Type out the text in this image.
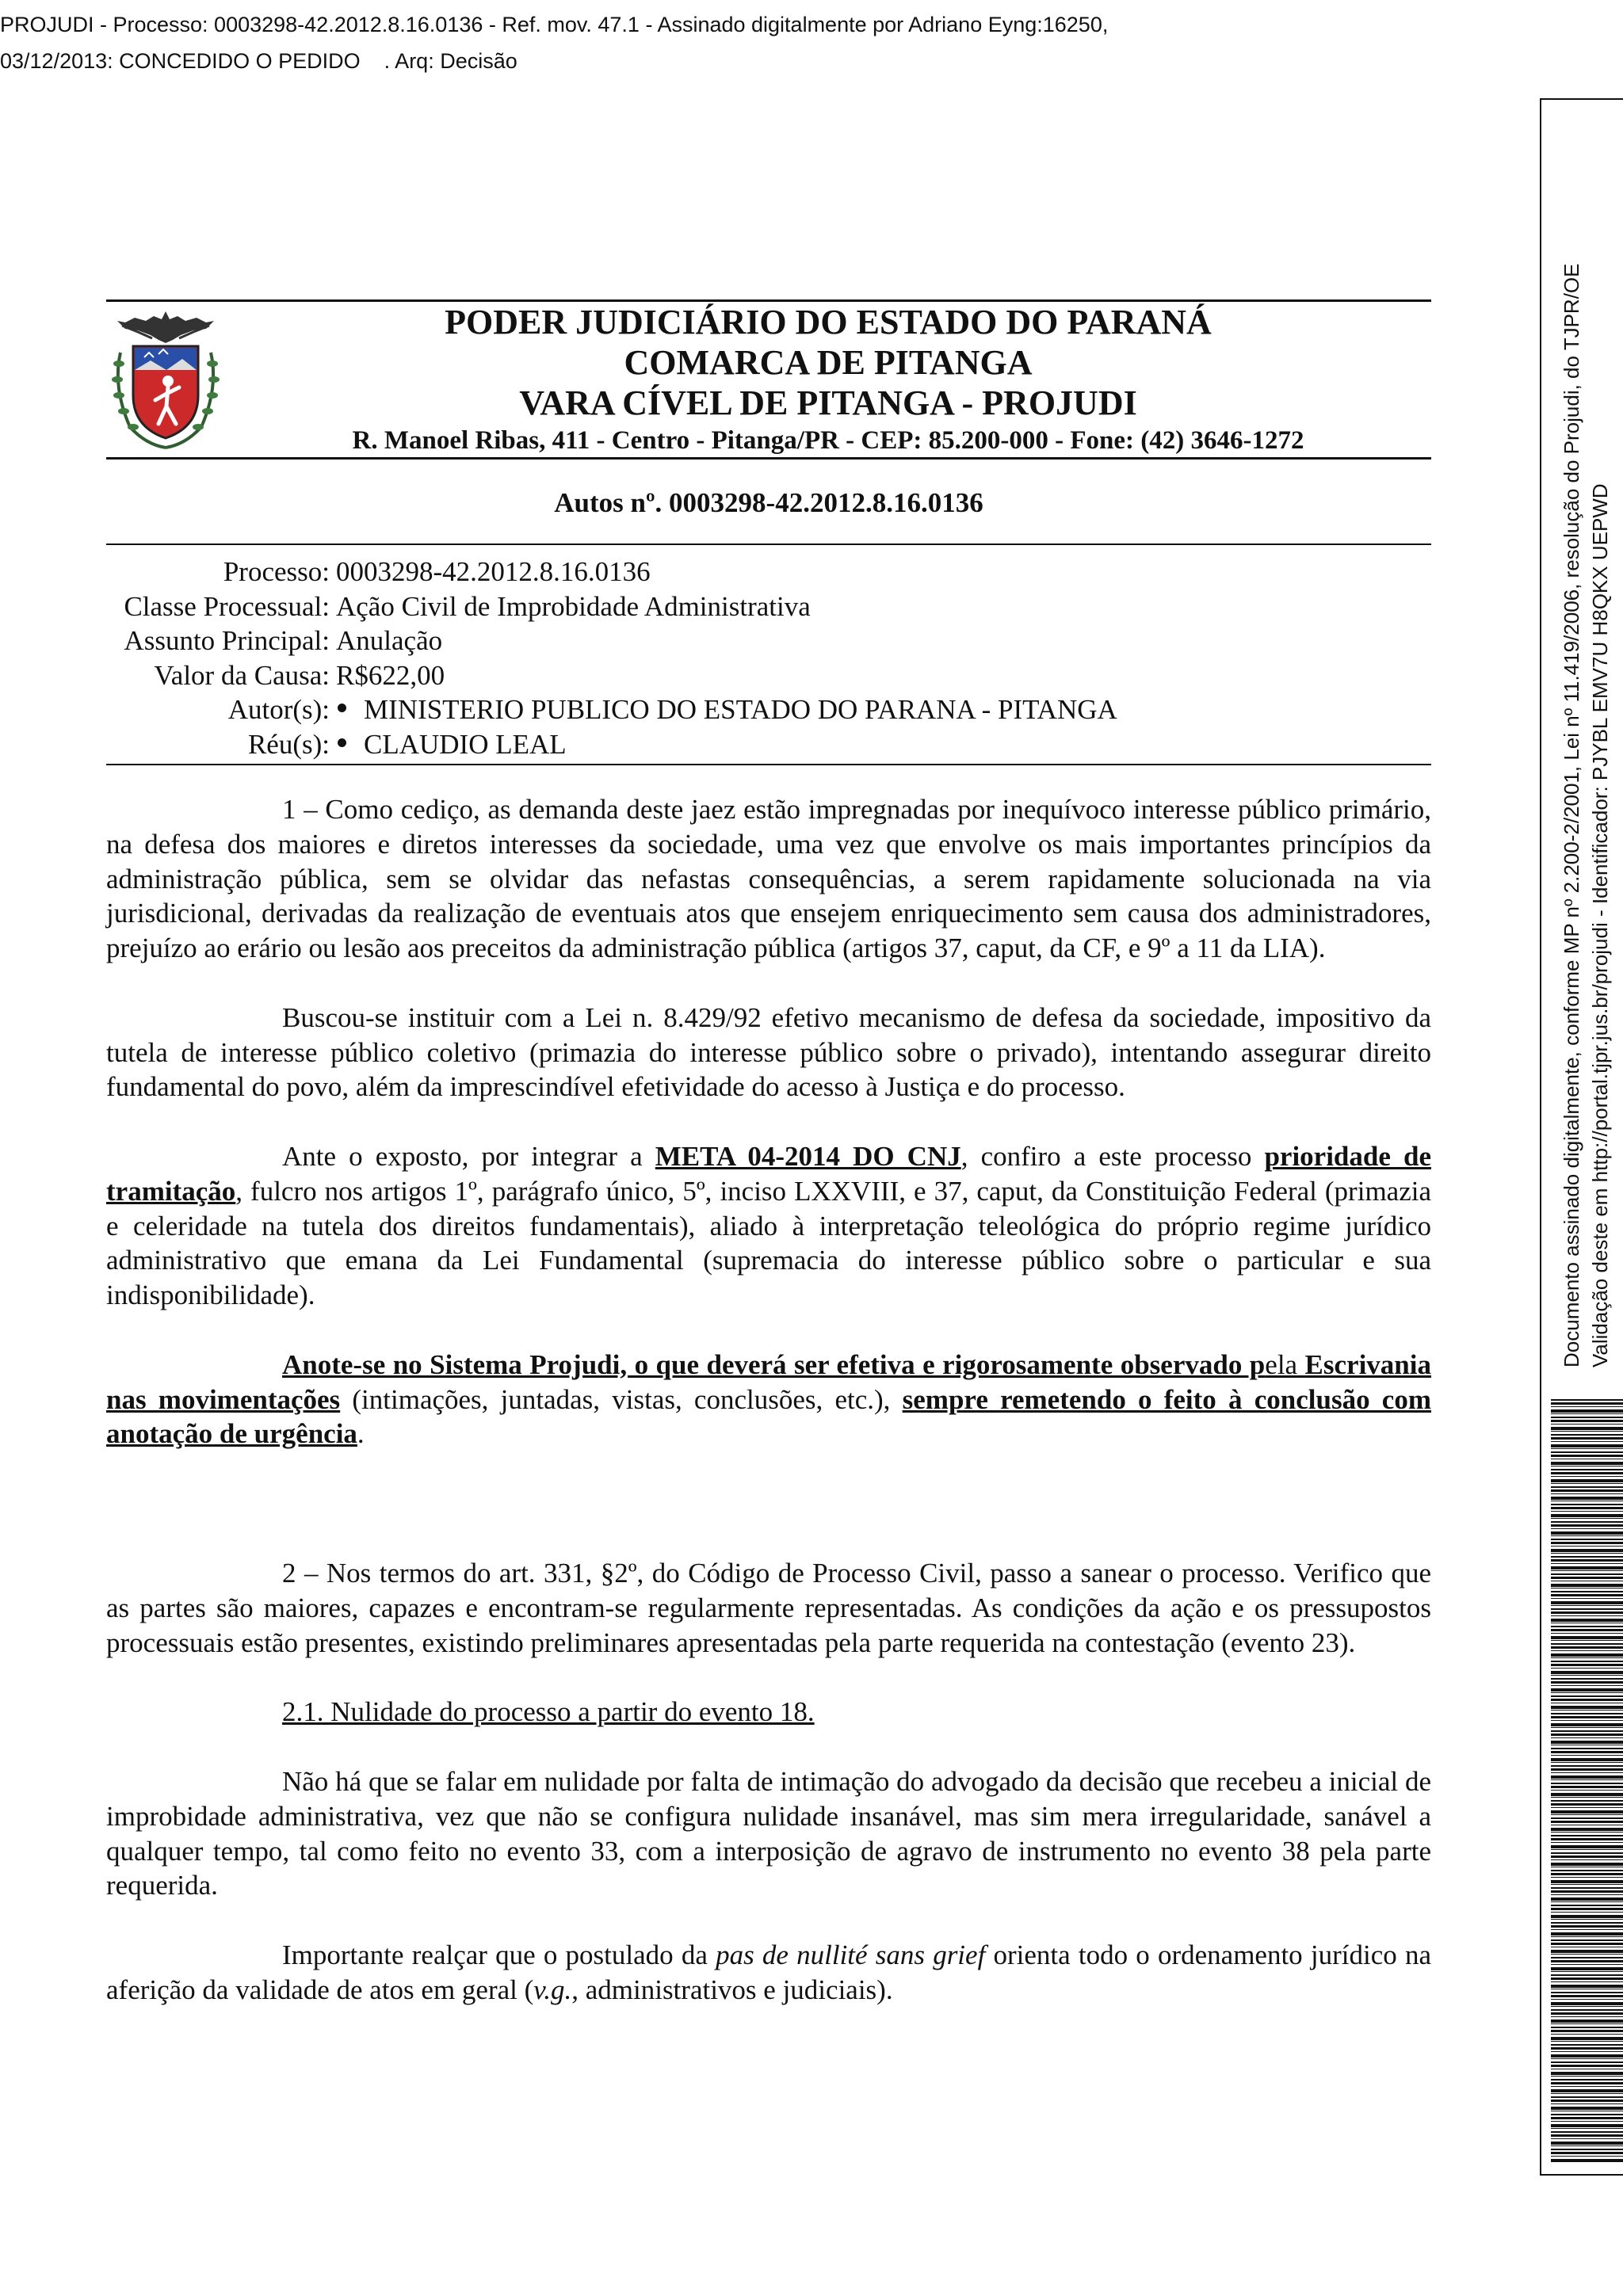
PROJUDI - Processo: 0003298-42.2012.8.16.0136 - Ref. mov. 47.1 - Assinado digitalmente por Adriano Eyng:16250,
03/12/2013: CONCEDIDO O PEDIDO    . Arq: Decisão
PODER JUDICIÁRIO DO ESTADO DO PARANÁ
COMARCA DE PITANGA
VARA CÍVEL DE PITANGA - PROJUDI
R. Manoel Ribas, 411 - Centro - Pitanga/PR - CEP: 85.200-000 - Fone: (42) 3646-1272
Autos nº. 0003298-42.2012.8.16.0136
Processo: 0003298-42.2012.8.16.0136
Classe Processual: Ação Civil de Improbidade Administrativa
Assunto Principal: Anulação
Valor da Causa: R$622,00
Autor(s):	MINISTERIO PUBLICO DO ESTADO DO PARANA - PITANGA
Réu(s):	CLAUDIO LEAL

1 – Como cediço, as demanda deste jaez estão impregnadas por inequívoco interesse público primário, na defesa dos maiores e diretos interesses da sociedade, uma vez que envolve os mais importantes princípios da administração pública, sem se olvidar das nefastas consequências, a serem rapidamente solucionada na via jurisdicional, derivadas da realização de eventuais atos que ensejem enriquecimento sem causa dos administradores, prejuízo ao erário ou lesão aos preceitos da administração pública (artigos 37, caput, da CF, e 9º a 11 da LIA).

Buscou-se instituir com a Lei n. 8.429/92 efetivo mecanismo de defesa da sociedade, impositivo da tutela de interesse público coletivo (primazia do interesse público sobre o privado), intentando assegurar direito fundamental do povo, além da imprescindível efetividade do acesso à Justiça e do processo.

Ante o exposto, por integrar a META 04-2014 DO CNJ, confiro a este processo prioridade de tramitação, fulcro nos artigos 1º, parágrafo único, 5º, inciso LXXVIII, e 37, caput, da Constituição Federal (primazia e celeridade na tutela dos direitos fundamentais), aliado à interpretação teleológica do próprio regime jurídico administrativo que emana da Lei Fundamental (supremacia do interesse público sobre o particular e sua indisponibilidade).

Anote-se no Sistema Projudi, o que deverá ser efetiva e rigorosamente observado pela Escrivania nas movimentações (intimações, juntadas, vistas, conclusões, etc.), sempre remetendo o feito à conclusão com anotação de urgência.

2 – Nos termos do art. 331, §2º, do Código de Processo Civil, passo a sanear o processo. Verifico que as partes são maiores, capazes e encontram-se regularmente representadas. As condições da ação e os pressupostos processuais estão presentes, existindo preliminares apresentadas pela parte requerida na contestação (evento 23).

2.1. Nulidade do processo a partir do evento 18.

Não há que se falar em nulidade por falta de intimação do advogado da decisão que recebeu a inicial de improbidade administrativa, vez que não se configura nulidade insanável, mas sim mera irregularidade, sanável a qualquer tempo, tal como feito no evento 33, com a interposição de agravo de instrumento no evento 38 pela parte requerida.

Importante realçar que o postulado da pas de nullité sans grief orienta todo o ordenamento jurídico na aferição da validade de atos em geral (v.g., administrativos e judiciais).

Documento assinado digitalmente, conforme MP nº 2.200-2/2001, Lei nº 11.419/2006, resolução do Projudi, do TJPR/OE Validação deste em http://portal.tjpr.jus.br/projudi - Identificador: PJYBL EMV7U H8QKX UEPWD
